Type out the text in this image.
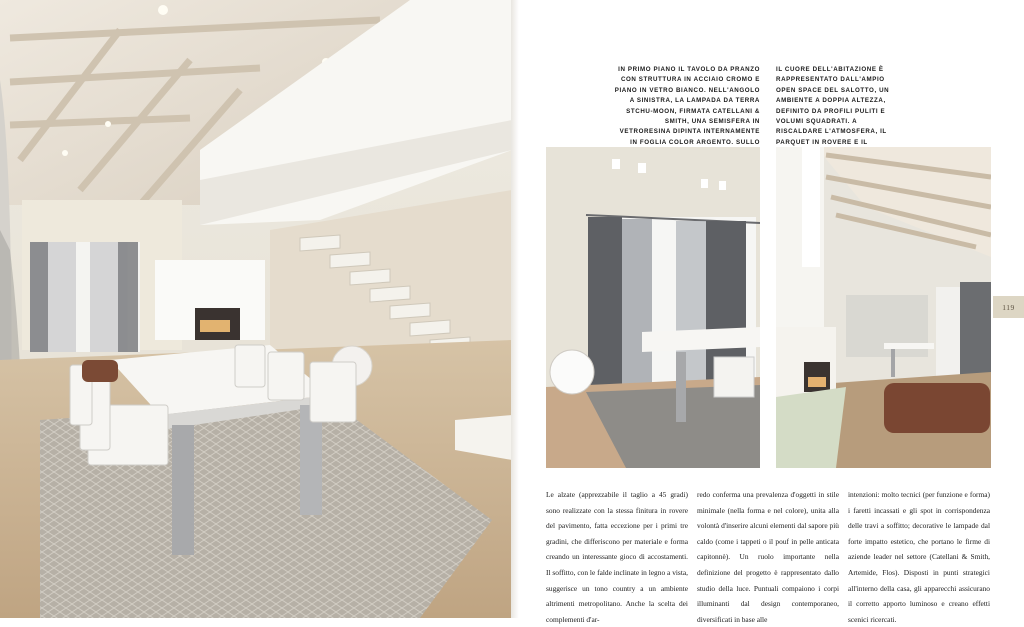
IN PRIMO PIANO IL TAVOLO DA PRANZO CON STRUTTURA IN ACCIAIO CROMO E PIANO IN VETRO BIANCO. NELL'ANGOLO A SINISTRA, LA LAMPADA DA TERRA STCHU-MOON, FIRMATA CATELLANI & SMITH, UNA SEMISFERA IN VETRORESINA DIPINTA INTERNAMENTE IN FOGLIA COLOR ARGENTO. SULLO

IL CUORE DELL'ABITAZIONE È RAPPRESENTATO DALL'AMPIO OPEN SPACE DEL SALOTTO, UN AMBIENTE A DOPPIA ALTEZZA, DEFINITO DA PROFILI PULITI E VOLUMI SQUADRATI. A RISCALDARE L'ATMOSFERA, IL PARQUET IN ROVERE E IL

119

Le alzate (apprezzabile il taglio a 45 gradi) sono realizzate con la stessa finitura in rovere del pavimento, fatta eccezione per i primi tre gradini, che differiscono per materiale e forma creando un interessante gioco di accostamenti. Il soffitto, con le falde inclinate in legno a vista, suggerisce un tono country a un ambiente altrimenti metropolitano. Anche la scelta dei complementi d'ar-

redo conferma una prevalenza d'oggetti in stile minimale (nella forma e nel colore), unita alla volontà d'inserire alcuni elementi dal sapore più caldo (come i tappeti o il pouf in pelle anticata capitonnè). Un ruolo importante nella definizione del progetto è rappresentato dallo studio della luce. Puntuali compaiono i corpi illuminanti dal design contemporaneo, diversificati in base alle

intenzioni: molto tecnici (per funzione e forma) i faretti incassati e gli spot in corrispondenza delle travi a soffitto; decorative le lampade dal forte impatto estetico, che portano le firme di aziende leader nel settore (Catellani & Smith, Artemide, Flos). Disposti in punti strategici all'interno della casa, gli apparecchi assicurano il corretto apporto luminoso e creano effetti scenici ricercati.
